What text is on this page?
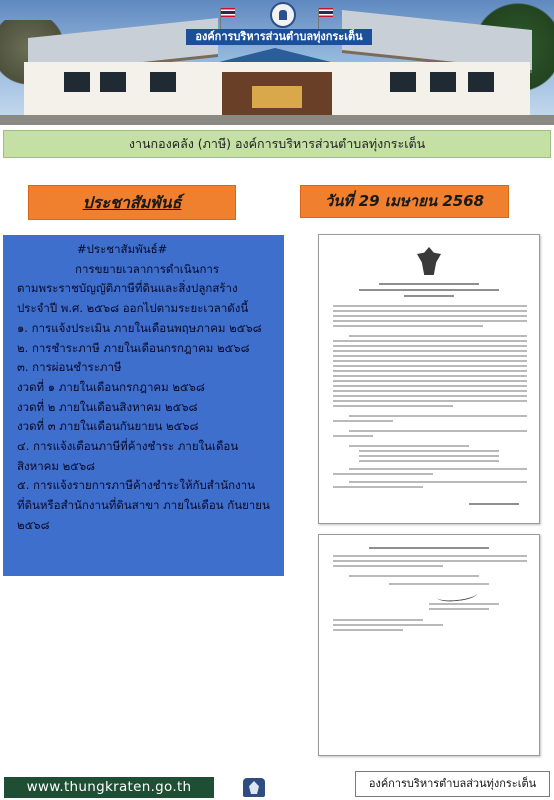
องค์การบริหารส่วนตำบลทุ่งกระเต็น
งานกองคลัง (ภาษี) องค์การบริหารส่วนตำบลทุ่งกระเต็น
ประชาสัมพันธ์	วันที่ 29 เมษายน 2568
#ประชาสัมพันธ์#
การขยายเวลาการดำเนินการ
ตามพระราชบัญญัติภาษีที่ดินและสิ่งปลูกสร้าง
ประจำปี พ.ศ. ๒๕๖๘ ออกไปตามระยะเวลาดังนี้
๑. การแจ้งประเมิน ภายในเดือนพฤษภาคม ๒๕๖๘
๒. การชำระภาษี ภายในเดือนกรกฎาคม ๒๕๖๘
๓. การผ่อนชำระภาษี
งวดที่ ๑ ภายในเดือนกรกฎาคม ๒๕๖๘
งวดที่ ๒ ภายในเดือนสิงหาคม ๒๕๖๘
งวดที่ ๓ ภายในเดือนกันยายน ๒๕๖๘
๔. การแจ้งเตือนภาษีที่ค้างชำระ ภายในเดือน
สิงหาคม ๒๕๖๘
๕. การแจ้งรายการภาษีค้างชำระให้กับสำนักงาน
ที่ดินหรือสำนักงานที่ดินสาขา ภายในเดือน กันยายน
๒๕๖๘
www.thungkraten.go.th	องค์การบริหารตำบลส่วนทุ่งกระเต็น
